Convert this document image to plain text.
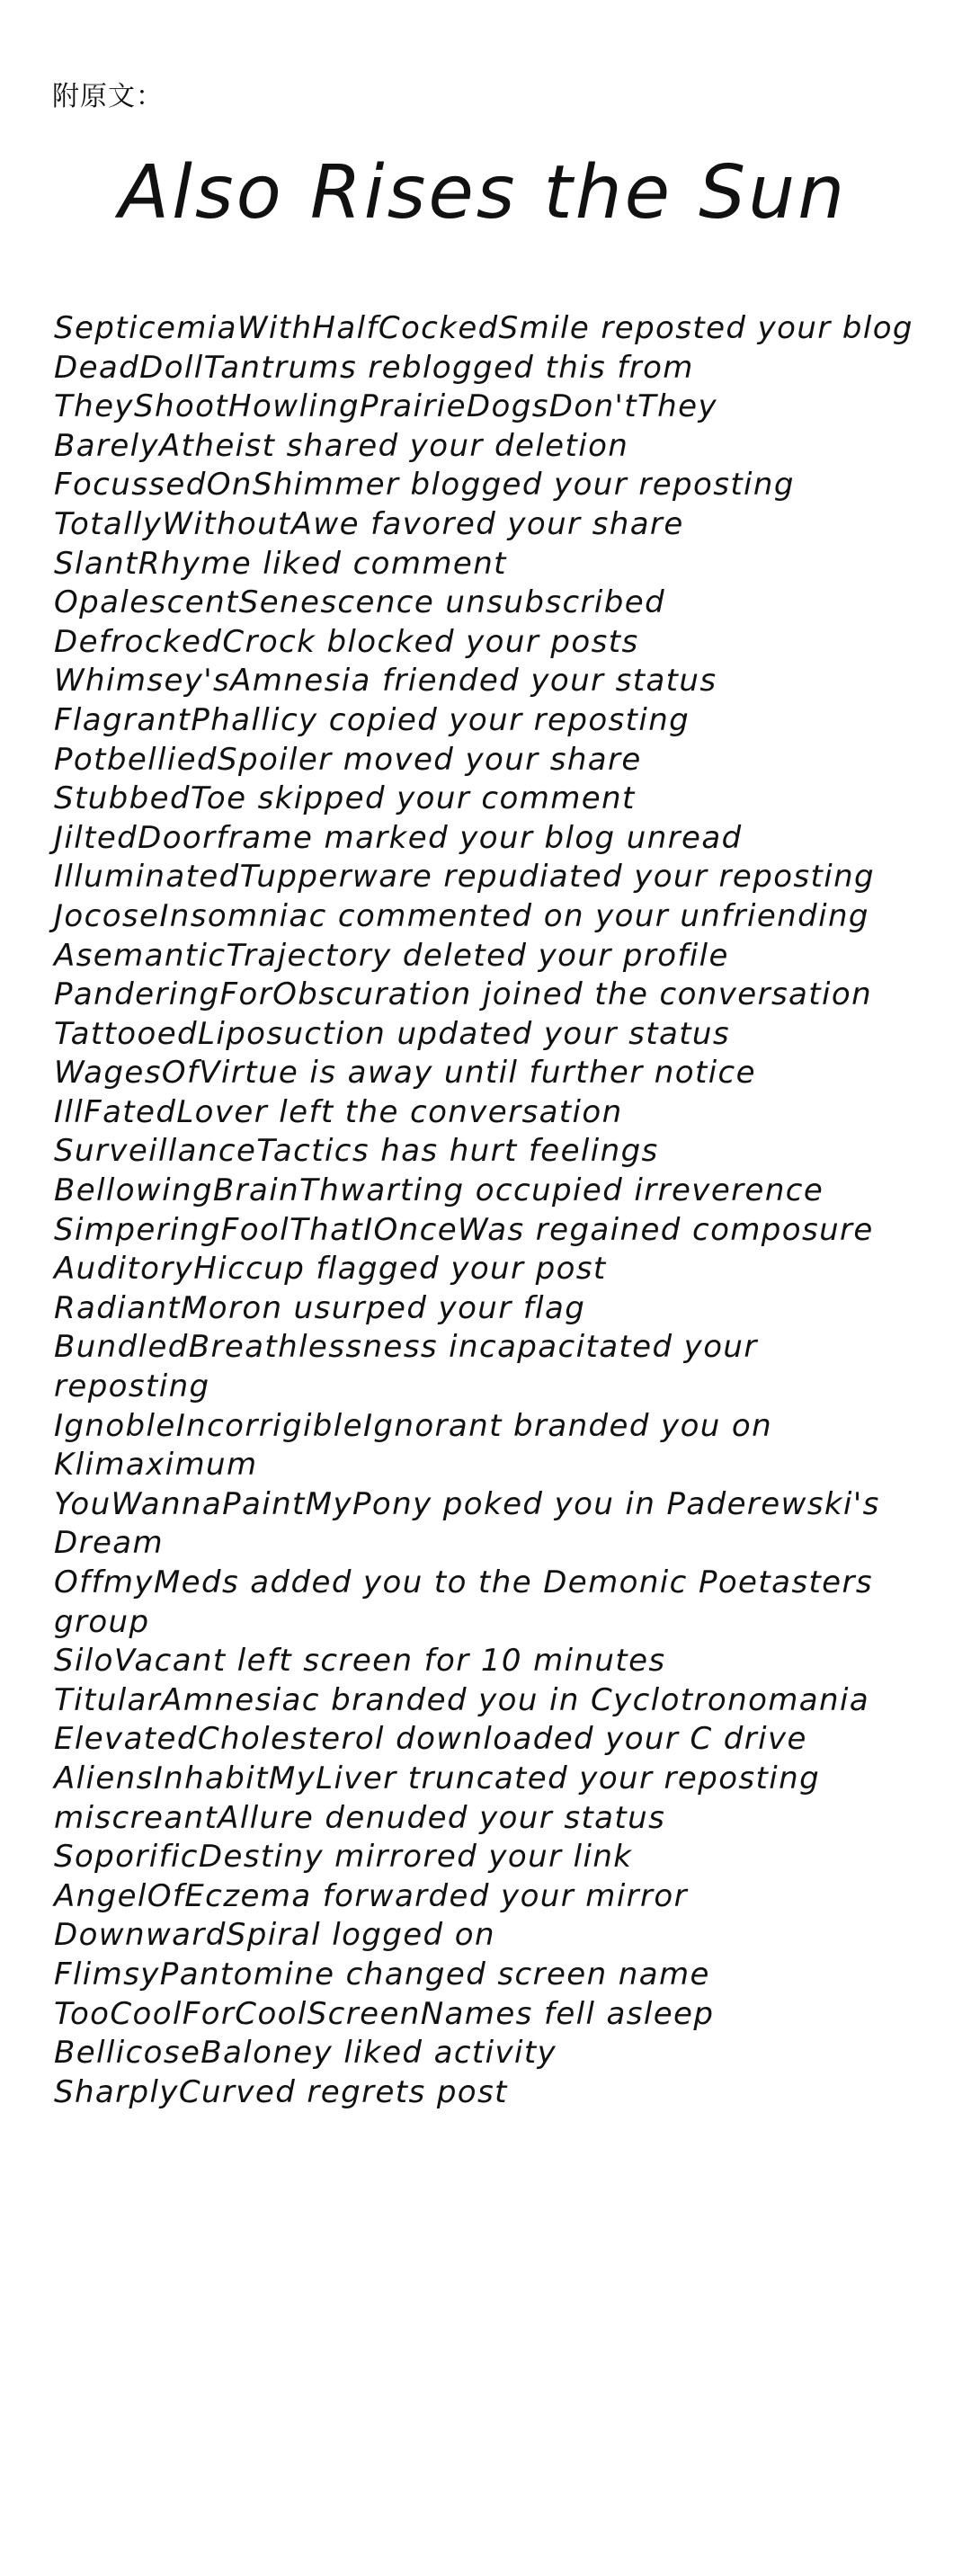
附原文：
Also Rises the Sun
SepticemiaWithHalfCockedSmile reposted your blog
DeadDollTantrums reblogged this from TheyShootHowlingPrairieDogsDon'tThey
BarelyAtheist shared your deletion
FocussedOnShimmer blogged your reposting
TotallyWithoutAwe favored your share
SlantRhyme liked comment
OpalescentSenescence unsubscribed
DefrockedCrock blocked your posts
Whimsey'sAmnesia friended your status
FlagrantPhallicy copied your reposting
PotbelliedSpoiler moved your share
StubbedToe skipped your comment
JiltedDoorframe marked your blog unread
IlluminatedTupperware repudiated your reposting
JocoseInsomniac commented on your unfriending
AsemanticTrajectory deleted your profile
PanderingForObscuration joined the conversation
TattooedLiposuction updated your status
WagesOfVirtue is away until further notice
IllFatedLover left the conversation
SurveillanceTactics has hurt feelings
BellowingBrainThwarting occupied irreverence
SimperingFoolThatIOnceWas regained composure
AuditoryHiccup flagged your post
RadiantMoron usurped your flag
BundledBreathlessness incapacitated your reposting
IgnobleIncorrigibleIgnorant branded you on Klimaximum
YouWannaPaintMyPony poked you in Paderewski's Dream
OffmyMeds added you to the Demonic Poetasters group
SiloVacant left screen for 10 minutes
TitularAmnesiac branded you in Cyclotronomania
ElevatedCholesterol downloaded your C drive
AliensInhabitMyLiver truncated your reposting
miscreantAllure denuded your status
SoporificDestiny mirrored your link
AngelOfEczema forwarded your mirror
DownwardSpiral logged on
FlimsyPantomine changed screen name
TooCoolForCoolScreenNames fell asleep
BellicoseBaloney liked activity
SharplyCurved regrets post
